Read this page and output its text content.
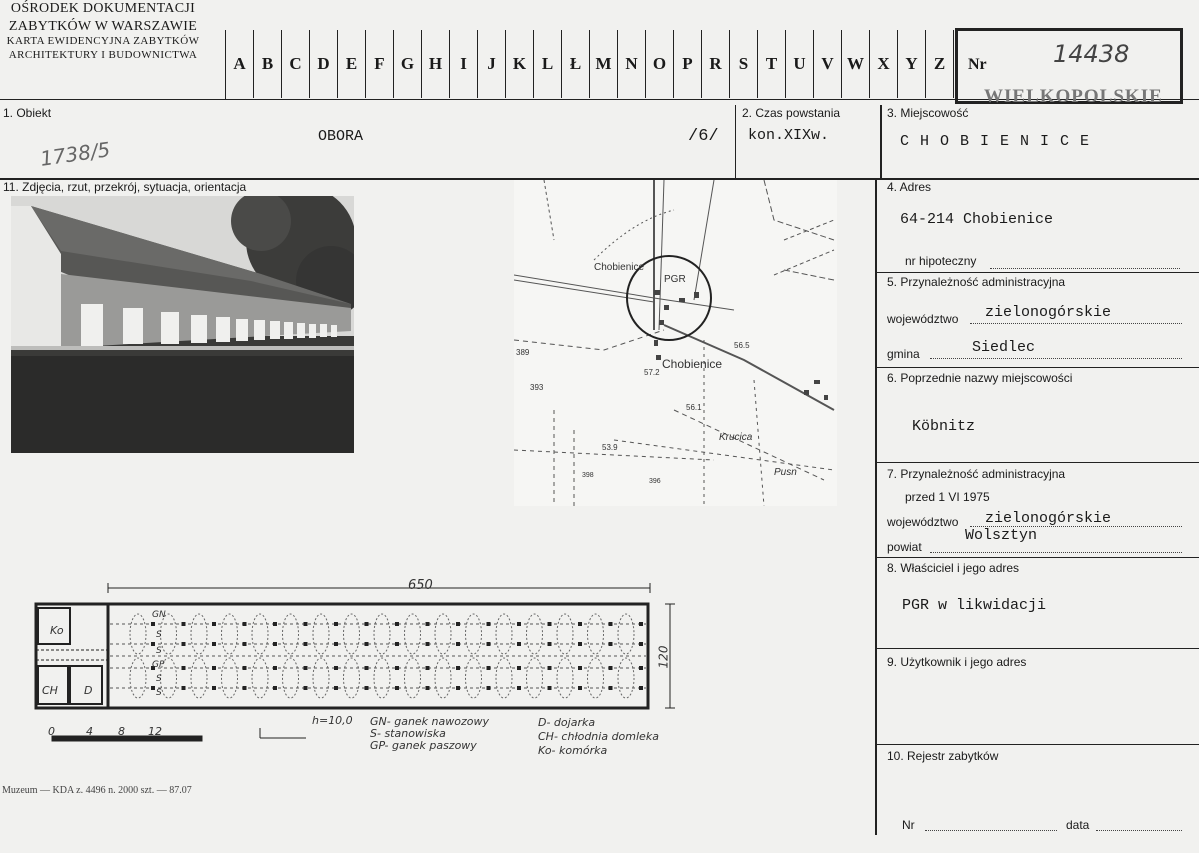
OŚRODEK DOKUMENTACJI
ZABYTKÓW W WARSZAWIE
KARTA EWIDENCYJNA ZABYTKÓW
ARCHITEKTURY I BUDOWNICTWA	A B C D E	F G H	I	J	K L Ł M N O P R	S	T U V W X Y Z	Nr	14438
WIELKOPOLSKIE
1. Obiekt
OBORA	/6/
1738/5
2. Czas powstania
kon.XIXw.
3. Miejscowość
C H O B I E N I C E
11. Zdjęcia, rzut, przekrój, sytuacja, orientacja
Chobienice
PGR
Chobienice
Krucica
Pusn
56.5
57.2
56.1
53.9
393
389
398
396
650
120
Ko
CH D
GN
S
S
GP
S
S
0	4 8 12
h=10,0 GN- ganek nawozowy
S- stanowiska
GP- ganek paszowy
D- dojarka
CH- chłodnia domleka
Ko- komórka
Muzeum — KDA z. 4496 n. 2000 szt. — 87.07
4. Adres
64-214 Chobienice
nr hipoteczny
5. Przynależność administracyjna
województwo zielonogórskie
gmina	Siedlec
6. Poprzednie nazwy miejscowości
Köbnitz
7. Przynależność administracyjna
przed 1 VI 1975
województwo zielonogórskie
powiat
Wolsztyn
8. Właściciel i jego adres
PGR w likwidacji
9. Użytkownik i jego adres
10. Rejestr zabytków
Nr	data
